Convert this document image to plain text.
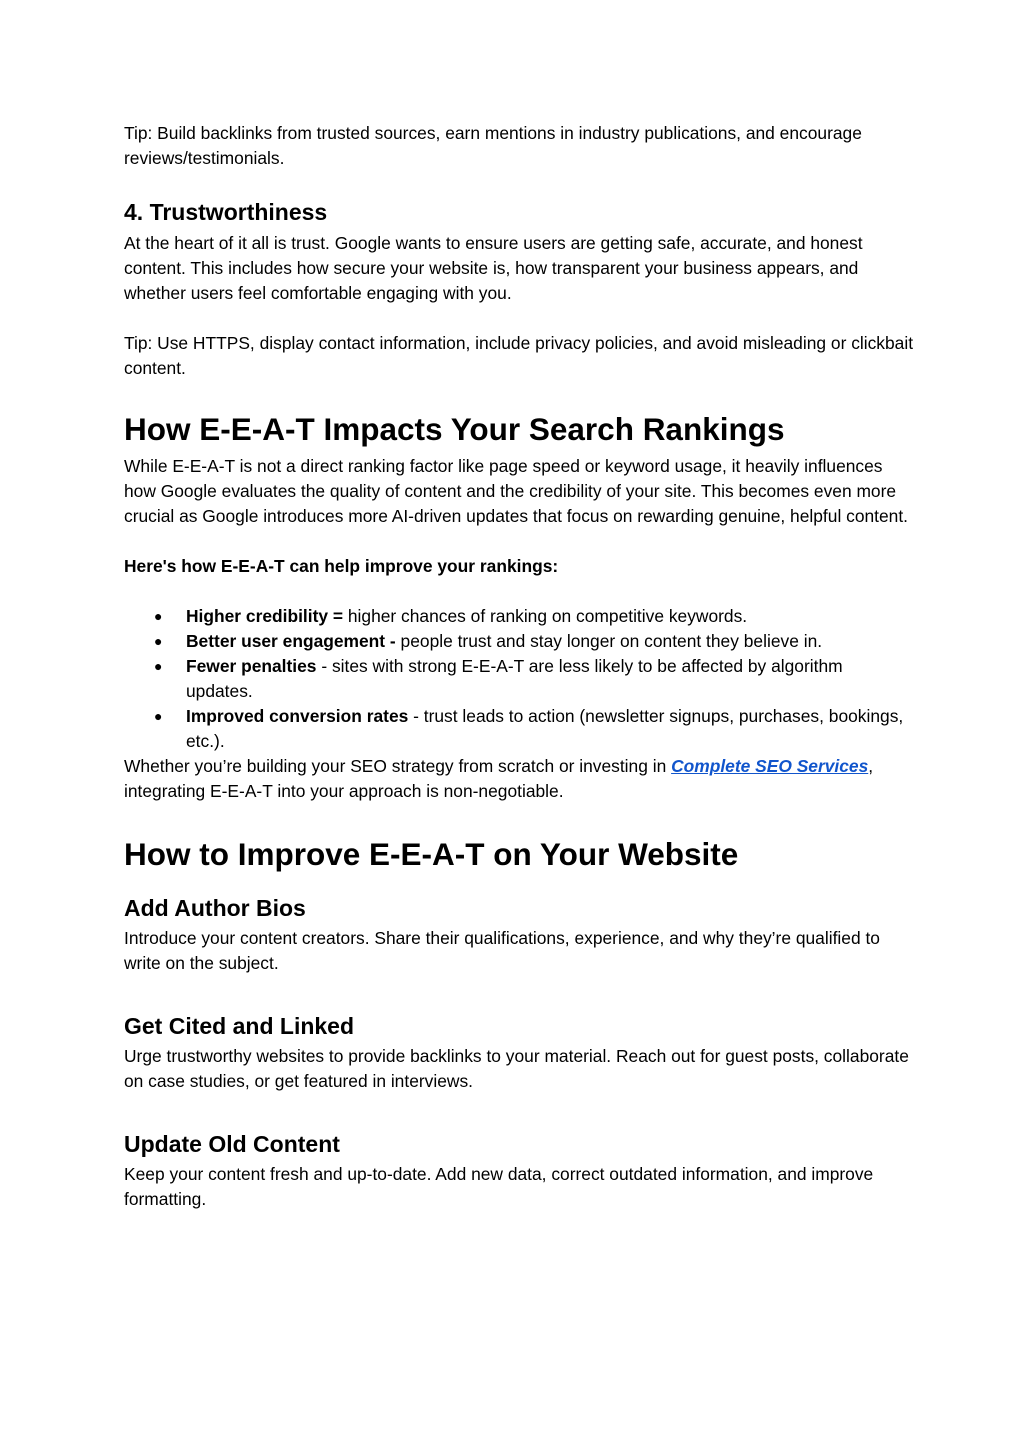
Tip: Build backlinks from trusted sources, earn mentions in industry publications, and encourage reviews/testimonials.

4. Trustworthiness

At the heart of it all is trust. Google wants to ensure users are getting safe, accurate, and honest content. This includes how secure your website is, how transparent your business appears, and whether users feel comfortable engaging with you.

Tip: Use HTTPS, display contact information, include privacy policies, and avoid misleading or clickbait content.

How E-E-A-T Impacts Your Search Rankings

While E-E-A-T is not a direct ranking factor like page speed or keyword usage, it heavily influences how Google evaluates the quality of content and the credibility of your site. This becomes even more crucial as Google introduces more AI-driven updates that focus on rewarding genuine, helpful content.

Here's how E-E-A-T can help improve your rankings:

● Higher credibility = higher chances of ranking on competitive keywords.
● Better user engagement - people trust and stay longer on content they believe in.
● Fewer penalties - sites with strong E-E-A-T are less likely to be affected by algorithm updates.
● Improved conversion rates - trust leads to action (newsletter signups, purchases, bookings, etc.).

Whether you’re building your SEO strategy from scratch or investing in Complete SEO Services, integrating E-E-A-T into your approach is non-negotiable.

How to Improve E-E-A-T on Your Website
Add Author Bios

Introduce your content creators. Share their qualifications, experience, and why they’re qualified to write on the subject.

Get Cited and Linked

Urge trustworthy websites to provide backlinks to your material. Reach out for guest posts, collaborate on case studies, or get featured in interviews.

Update Old Content

Keep your content fresh and up-to-date. Add new data, correct outdated information, and improve formatting.
